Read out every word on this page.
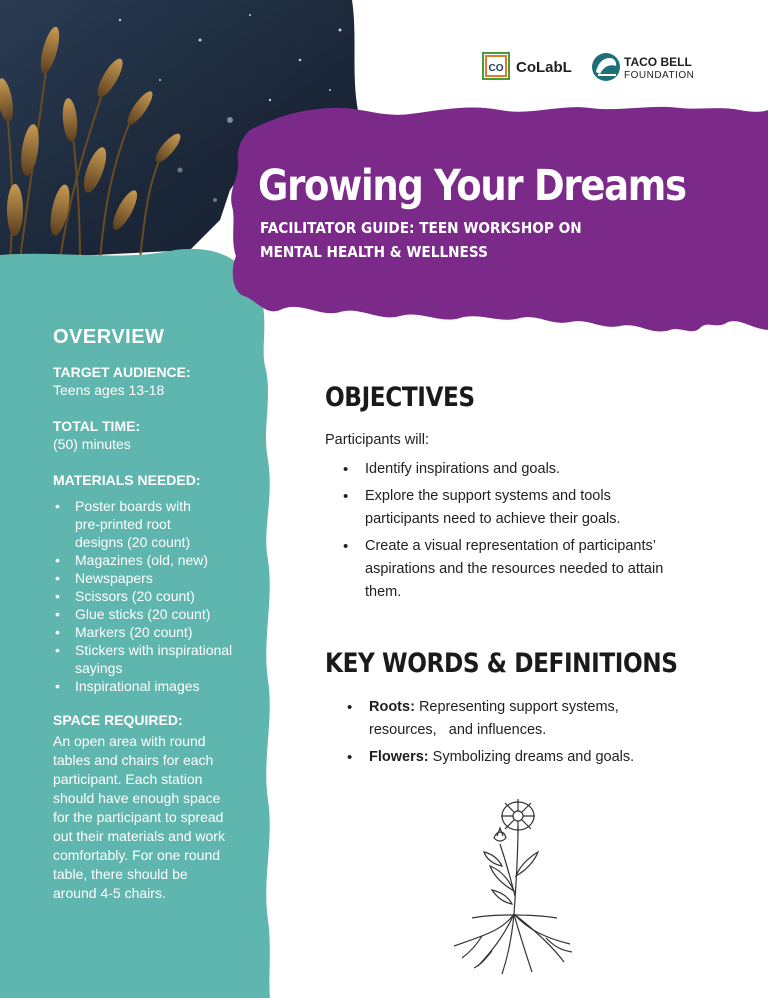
CO CoLabL	TACO BELL
FOUNDATION
Growing Your Dreams
FACILITATOR GUIDE: TEEN WORKSHOP ON MENTAL HEALTH & WELLNESS
OVERVIEW
TARGET AUDIENCE:
Teens ages 13-18
TOTAL TIME:
(50) minutes
MATERIALS NEEDED:
• Poster boards with pre-printed root designs (20 count)
• Magazines (old, new)
• Newspapers
• Scissors (20 count)
• Glue sticks (20 count)
• Markers (20 count)
• Stickers with inspirational sayings
• Inspirational images
SPACE REQUIRED:

An open area with round tables and chairs for each participant. Each station should have enough space for the participant to spread out their materials and work comfortably. For one round table, there should be around 4-5 chairs.

OBJECTIVES

Participants will:

• Identify inspirations and goals.
• Explore the support systems and tools participants need to achieve their goals.
• Create a visual representation of participants’ aspirations and the resources needed to attain them.
KEY WORDS & DEFINITIONS
• Roots: Representing support systems, resources,   and influences.
• Flowers: Symbolizing dreams and goals.
